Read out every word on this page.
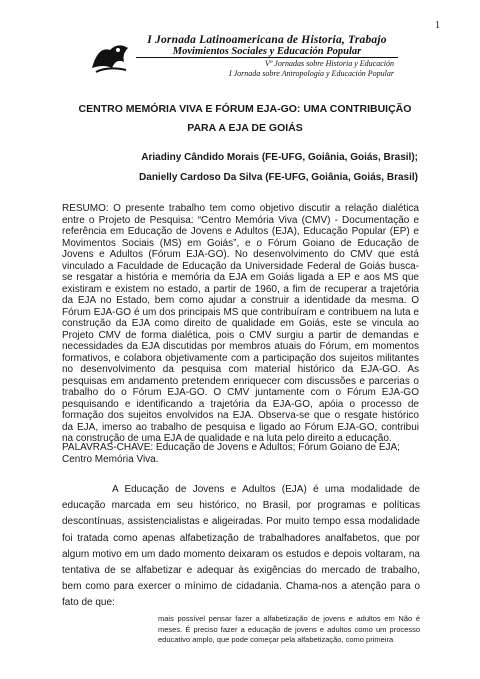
1
I Jornada Latinoamericana de Historia, Trabajo
Movimientos Sociales y Educación Popular
Vº Jornadas sobre Historia y Educación
I Jornada sobre Antropología y Educación Popular
CENTRO MEMÓRIA VIVA E FÓRUM EJA-GO: UMA CONTRIBUIÇÃO PARA A EJA DE GOIÁS
Ariadiny Cândido Morais (FE-UFG, Goiânia, Goiás, Brasil);
Danielly Cardoso Da Silva (FE-UFG, Goiânia, Goiás, Brasil)
RESUMO: O presente trabalho tem como objetivo discutir a relação dialética entre o Projeto de Pesquisa: “Centro Memória Viva (CMV) - Documentação e referência em Educação de Jovens e Adultos (EJA), Educação Popular (EP) e Movimentos Sociais (MS) em Goiás”, e o Fórum Goiano de Educação de Jovens e Adultos (Fórum EJA-GO). No desenvolvimento do CMV que está vinculado a Faculdade de Educação da Universidade Federal de Goiás busca-se resgatar a história e memória da EJA em Goiás ligada a EP e aos MS que existiram e existem no estado, a partir de 1960, a fim de recuperar a trajetória da EJA no Estado, bem como ajudar a construir a identidade da mesma. O Fórum EJA-GO é um dos principais MS que contribuíram e contribuem na luta e construção da EJA como direito de qualidade em Goiás, este se vincula ao Projeto CMV de forma dialética, pois o CMV surgiu a partir de demandas e necessidades da EJA discutidas por membros atuais do Fórum, em momentos formativos, e colabora objetivamente com a participação dos sujeitos militantes no desenvolvimento da pesquisa com material histórico da EJA-GO. As pesquisas em andamento pretendem enriquecer com discussões e parcerias o trabalho do o Fórum EJA-GO. O CMV juntamente com o Fórum EJA-GO pesquisando e identificando a trajetória da EJA-GO, apóia o processo de formação dos sujeitos envolvidos na EJA. Observa-se que o resgate histórico da EJA, imerso ao trabalho de pesquisa e ligado ao Fórum EJA-GO, contribui na construção de uma EJA de qualidade e na luta pelo direito a educação.
PALAVRAS-CHAVE: Educação de Jovens e Adultos; Fórum Goiano de EJA; Centro Memória Viva.
A Educação de Jovens e Adultos (EJA) é uma modalidade de educação marcada em seu histórico, no Brasil, por programas e políticas descontínuas, assistencialistas e aligeiradas. Por muito tempo essa modalidade foi tratada como apenas alfabetização de trabalhadores analfabetos, que por algum motivo em um dado momento deixaram os estudos e depois voltaram, na tentativa de se alfabetizar e adequar às exigências do mercado de trabalho, bem como para exercer o mínimo de cidadania. Chama-nos a atenção para o fato de que:
mais possível pensar fazer a alfabetização de jovens e adultos em Não é meses. É preciso fazer a educação de jovens e adultos como um processo educativo amplo, que pode começar pela alfabetização, como primeira
